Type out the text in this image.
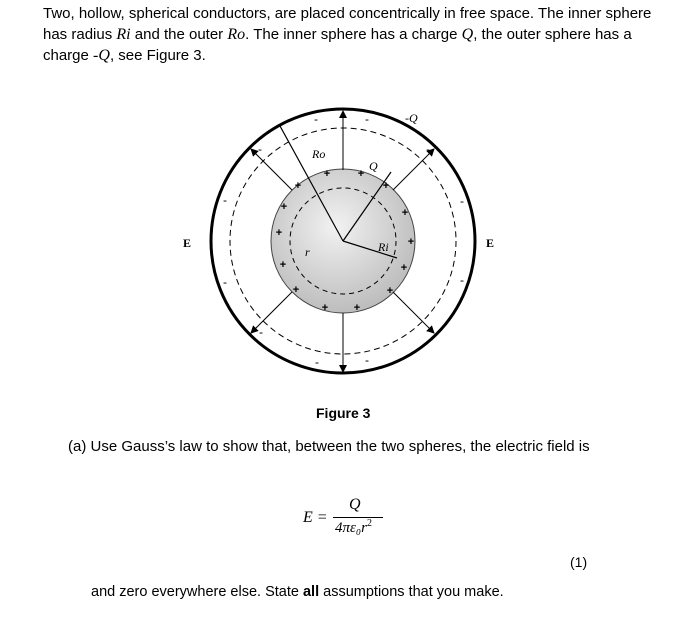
Two, hollow, spherical conductors, are placed concentrically in free space. The inner sphere has radius Ri and the outer Ro. The inner sphere has a charge Q, the outer sphere has a charge -Q, see Figure 3.
-
-
-
-
-
-
-
-
-
-
-
-
+	+
+	+
+	+
+
+
+	+
+	+
+ +
-Q
Ro
Q
Ri
r
E	E
Figure 3
(a) Use Gauss’s law to show that, between the two spheres, the electric field is
E =
Q
$4\pi\varepsilon_0r^2$
(1)
and zero everywhere else. State all assumptions that you make.
